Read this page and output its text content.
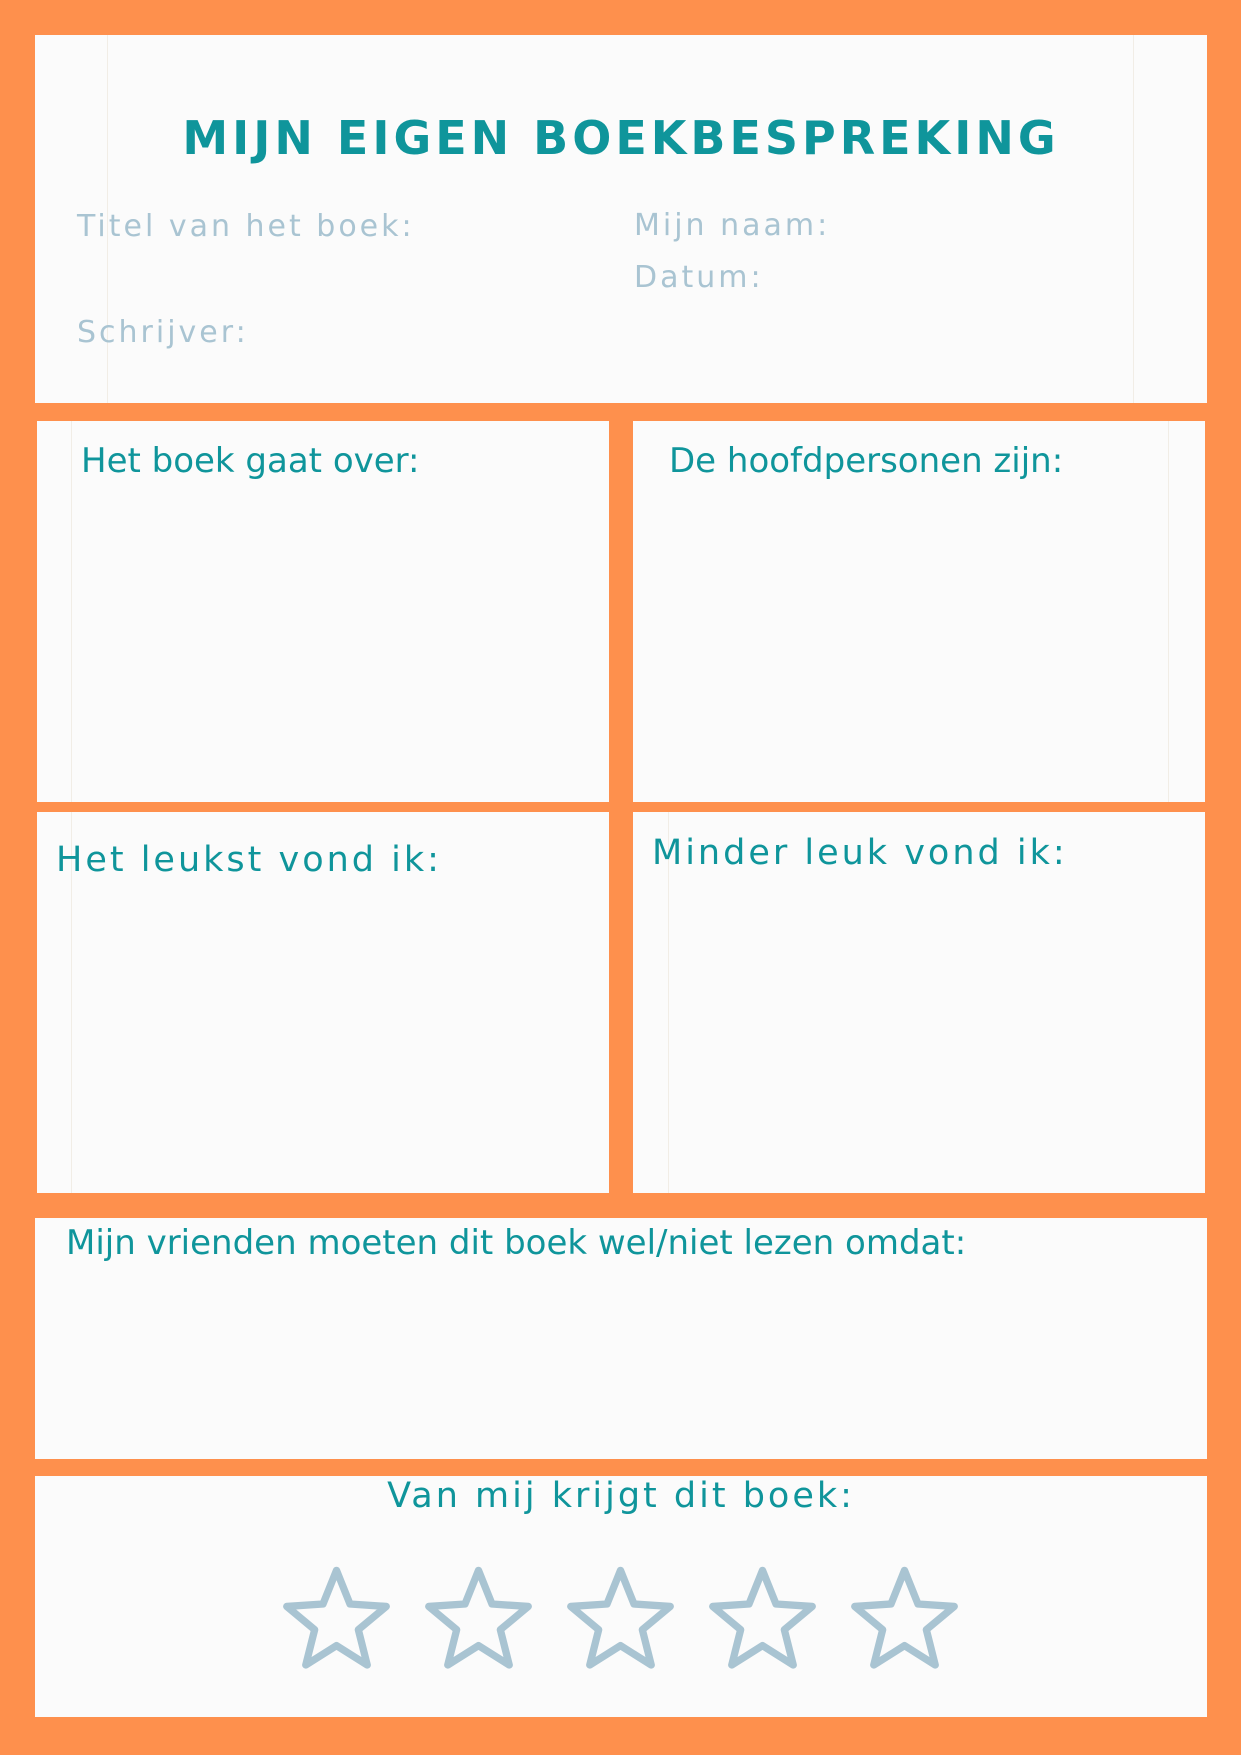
MIJN EIGEN BOEKBESPREKING
Titel van het boek:
Schrijver:
Mijn naam:
Datum:
Het boek gaat over:	De hoofdpersonen zijn:
Het leukst vond ik:	Minder leuk vond ik:
Mijn vrienden moeten dit boek wel/niet lezen omdat:
Van mij krijgt dit boek:
